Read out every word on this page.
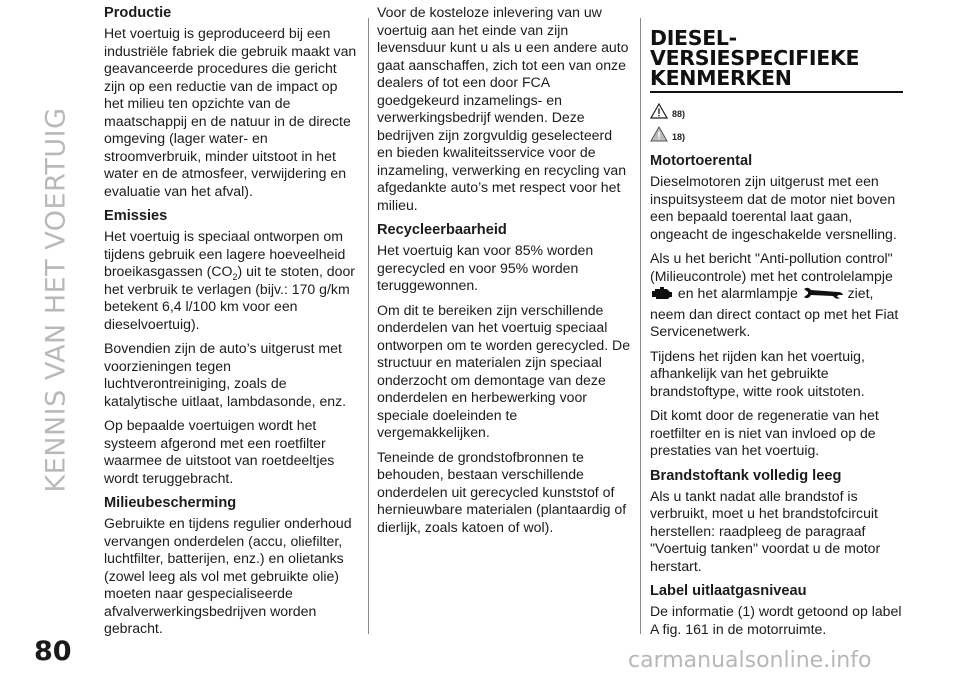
KENNIS VAN HET VOERTUIG
Productie

Het voertuig is geproduceerd bij een industriële fabriek die gebruik maakt van geavanceerde procedures die gericht zijn op een reductie van de impact op het milieu ten opzichte van de maatschappij en de natuur in de directe omgeving (lager water- en stroomverbruik, minder uitstoot in het water en de atmosfeer, verwijdering en evaluatie van het afval).

Emissies

Het voertuig is speciaal ontworpen om tijdens gebruik een lagere hoeveelheid broeikasgassen $(CO_2)$ uit te stoten, door het verbruik te verlagen (bijv.: 170 g/km betekent 6,4 l/100 km voor een dieselvoertuig).

Bovendien zijn de auto’s uitgerust met voorzieningen tegen luchtverontreiniging, zoals de katalytische uitlaat, lambdasonde, enz.

Op bepaalde voertuigen wordt het systeem afgerond met een roetfilter waarmee de uitstoot van roetdeeltjes wordt teruggebracht.

Milieubescherming

Gebruikte en tijdens regulier onderhoud vervangen onderdelen (accu, oliefilter, luchtfilter, batterijen, enz.) en olietanks (zowel leeg als vol met gebruikte olie) moeten naar gespecialiseerde afvalverwerkingsbedrijven worden gebracht.

Voor de kosteloze inlevering van uw voertuig aan het einde van zijn levensduur kunt u als u een andere auto gaat aanschaffen, zich tot een van onze dealers of tot een door FCA goedgekeurd inzamelings- en verwerkingsbedrijf wenden. Deze bedrijven zijn zorgvuldig geselecteerd en bieden kwaliteitsservice voor de inzameling, verwerking en recycling van afgedankte auto’s met respect voor het milieu.

Recycleerbaarheid

Het voertuig kan voor 85% worden gerecycled en voor 95% worden teruggewonnen.

Om dit te bereiken zijn verschillende onderdelen van het voertuig speciaal ontworpen om te worden gerecycled. De structuur en materialen zijn speciaal onderzocht om demontage van deze onderdelen en herbewerking voor speciale doeleinden te vergemakkelijken.

Teneinde de grondstofbronnen te behouden, bestaan verschillende onderdelen uit gerecycled kunststof of hernieuwbare materialen (plantaardig of dierlijk, zoals katoen of wol).

DIESEL-
VERSIESPECIFIEKE
KENMERKEN
88)
18)
Motortoerental

Dieselmotoren zijn uitgerust met een inspuitsysteem dat de motor niet boven een bepaald toerental laat gaan, ongeacht de ingeschakelde versnelling.

Als u het bericht "Anti-pollution control" (Milieucontrole) met het controlelampje  en het alarmlampje	ziet, neem dan direct contact op met het Fiat Servicenetwerk.

Tijdens het rijden kan het voertuig, afhankelijk van het gebruikte brandstoftype, witte rook uitstoten.

Dit komt door de regeneratie van het roetfilter en is niet van invloed op de prestaties van het voertuig.

Brandstoftank volledig leeg

Als u tankt nadat alle brandstof is verbruikt, moet u het brandstofcircuit herstellen: raadpleeg de paragraaf "Voertuig tanken" voordat u de motor herstart.

Label uitlaatgasniveau

De informatie (1) wordt getoond op label A fig. 161 in de motorruimte.

80	carmanualsonline.info
